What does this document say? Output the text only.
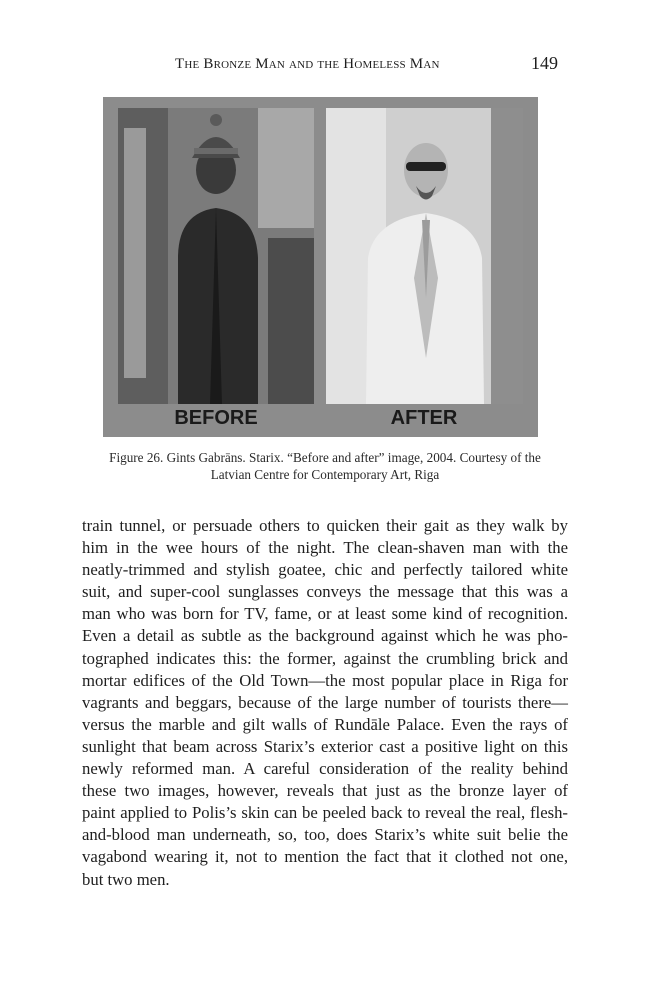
The Bronze Man and the Homeless Man	149
BEFORE	AFTER
Figure 26. Gints Gabrāns. Starix. “Before and after” image, 2004. Courtesy of the
Latvian Centre for Contemporary Art, Riga
train tunnel, or persuade others to quicken their gait as they walk by
him in the wee hours of the night. The clean-shaven man with the
neatly-trimmed and stylish goatee, chic and perfectly tailored white
suit, and super-cool sunglasses conveys the message that this was a
man who was born for TV, fame, or at least some kind of recognition.
Even a detail as subtle as the background against which he was pho-
tographed indicates this: the former, against the crumbling brick and
mortar edifices of the Old Town—the most popular place in Riga for
vagrants and beggars, because of the large number of tourists there—
versus the marble and gilt walls of Rundāle Palace. Even the rays of
sunlight that beam across Starix’s exterior cast a positive light on this
newly reformed man. A careful consideration of the reality behind
these two images, however, reveals that just as the bronze layer of
paint applied to Polis’s skin can be peeled back to reveal the real, flesh-
and-blood man underneath, so, too, does Starix’s white suit belie the
vagabond wearing it, not to mention the fact that it clothed not one,
but two men.
